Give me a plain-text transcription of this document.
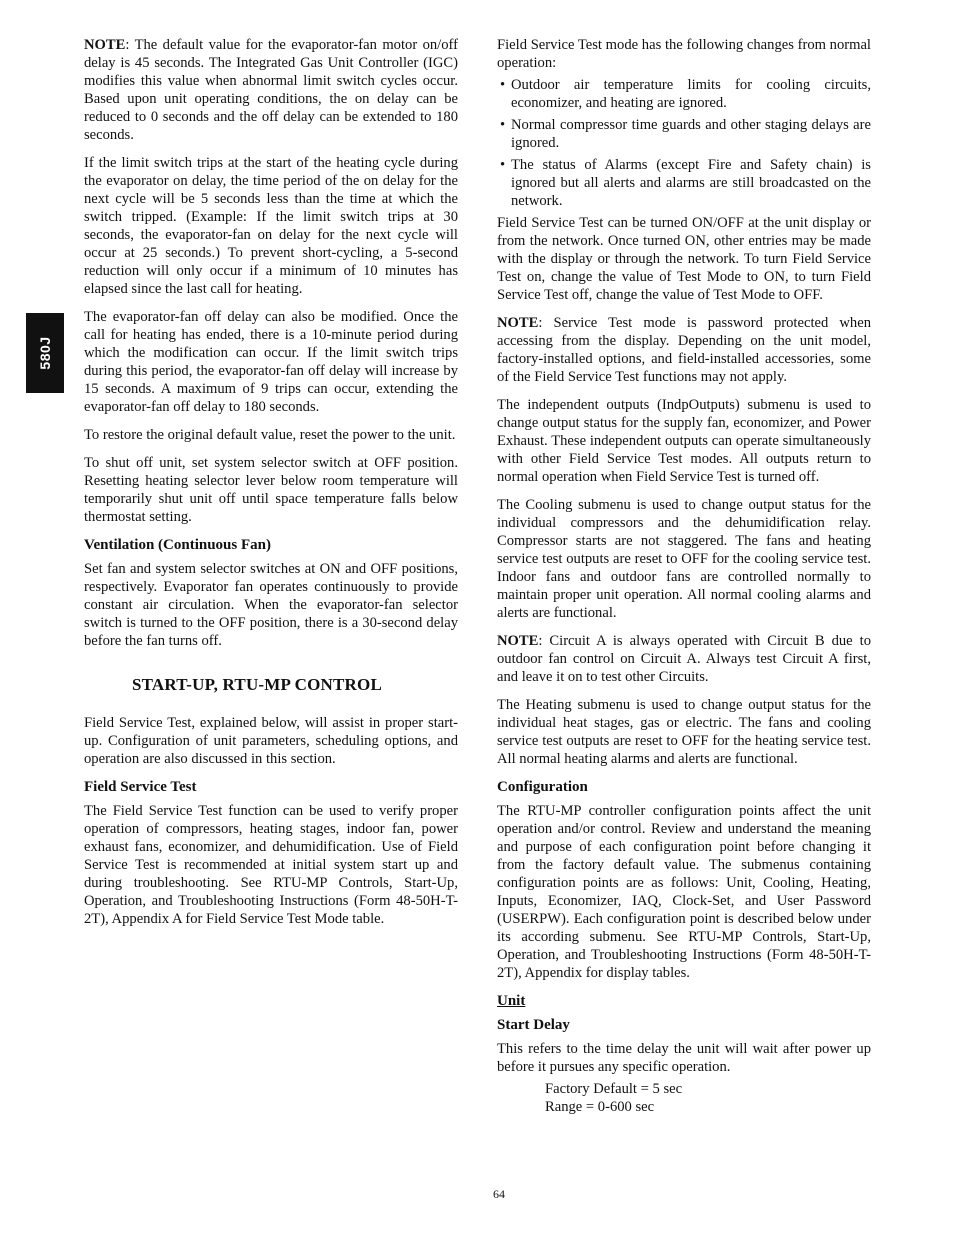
580J

NOTE: The default value for the evaporator-fan motor on/off delay is 45 seconds. The Integrated Gas Unit Controller (IGC) modifies this value when abnormal limit switch cycles occur. Based upon unit operating conditions, the on delay can be reduced to 0 seconds and the off delay can be extended to 180 seconds.

If the limit switch trips at the start of the heating cycle during the evaporator on delay, the time period of the on delay for the next cycle will be 5 seconds less than the time at which the switch tripped. (Example: If the limit switch trips at 30 seconds, the evaporator-fan on delay for the next cycle will occur at 25 seconds.) To prevent short-cycling, a 5-second reduction will only occur if a minimum of 10 minutes has elapsed since the last call for heating.

The evaporator-fan off delay can also be modified. Once the call for heating has ended, there is a 10-minute period during which the modification can occur. If the limit switch trips during this period, the evaporator-fan off delay will increase by 15 seconds. A maximum of 9 trips can occur, extending the evaporator-fan off delay to 180 seconds.

To restore the original default value, reset the power to the unit.

To shut off unit, set system selector switch at OFF position. Resetting heating selector lever below room temperature will temporarily shut unit off until space temperature falls below thermostat setting.

Ventilation (Continuous Fan)

Set fan and system selector switches at ON and OFF positions, respectively. Evaporator fan operates continuously to provide constant air circulation. When the evaporator-fan selector switch is turned to the OFF position, there is a 30-second delay before the fan turns off.

START-UP, RTU-MP CONTROL

Field Service Test, explained below, will assist in proper start-up. Configuration of unit parameters, scheduling options, and operation are also discussed in this section.

Field Service Test

The Field Service Test function can be used to verify proper operation of compressors, heating stages, indoor fan, power exhaust fans, economizer, and dehumidification. Use of Field Service Test is recommended at initial system start up and during troubleshooting. See RTU-MP Controls, Start-Up, Operation, and Troubleshooting Instructions (Form 48-50H-T-2T), Appendix A for Field Service Test Mode table.

Field Service Test mode has the following changes from normal operation:

• Outdoor air temperature limits for cooling circuits, economizer, and heating are ignored.
• Normal compressor time guards and other staging delays are ignored.
• The status of Alarms (except Fire and Safety chain) is ignored but all alerts and alarms are still broadcasted on the network.

Field Service Test can be turned ON/OFF at the unit display or from the network. Once turned ON, other entries may be made with the display or through the network. To turn Field Service Test on, change the value of Test Mode to ON, to turn Field Service Test off, change the value of Test Mode to OFF.

NOTE: Service Test mode is password protected when accessing from the display. Depending on the unit model, factory-installed options, and field-installed accessories, some of the Field Service Test functions may not apply.

The independent outputs (IndpOutputs) submenu is used to change output status for the supply fan, economizer, and Power Exhaust. These independent outputs can operate simultaneously with other Field Service Test modes. All outputs return to normal operation when Field Service Test is turned off.

The Cooling submenu is used to change output status for the individual compressors and the dehumidification relay. Compressor starts are not staggered. The fans and heating service test outputs are reset to OFF for the cooling service test. Indoor fans and outdoor fans are controlled normally to maintain proper unit operation. All normal cooling alarms and alerts are functional.

NOTE: Circuit A is always operated with Circuit B due to outdoor fan control on Circuit A. Always test Circuit A first, and leave it on to test other Circuits.

The Heating submenu is used to change output status for the individual heat stages, gas or electric. The fans and cooling service test outputs are reset to OFF for the heating service test. All normal heating alarms and alerts are functional.

Configuration

The RTU-MP controller configuration points affect the unit operation and/or control. Review and understand the meaning and purpose of each configuration point before changing it from the factory default value. The submenus containing configuration points are as follows: Unit, Cooling, Heating, Inputs, Economizer, IAQ, Clock-Set, and User Password (USERPW). Each configuration point is described below under its according submenu. See RTU-MP Controls, Start-Up, Operation, and Troubleshooting Instructions (Form 48-50H-T-2T), Appendix for display tables.

Unit
Start Delay

This refers to the time delay the unit will wait after power up before it pursues any specific operation.

Factory Default = 5 sec

Range = 0-600 sec

64
